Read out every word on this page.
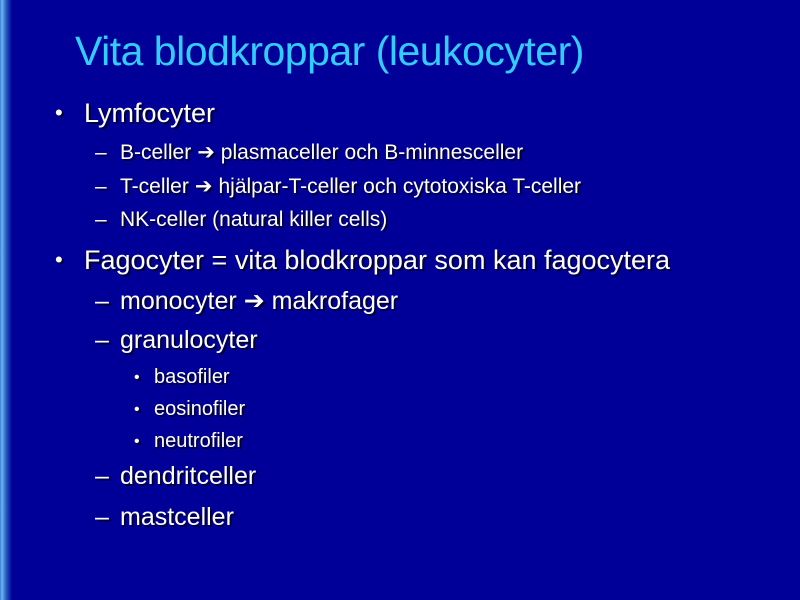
Vita blodkroppar (leukocyter)
• Lymfocyter
– B-celler ➔ plasmaceller och B-minnesceller
– T-celler ➔ hjälpar-T-celler och cytotoxiska T-celler
– NK-celler (natural killer cells)
• Fagocyter = vita blodkroppar som kan fagocytera
– monocyter ➔ makrofager
– granulocyter
• basofiler
• eosinofiler
• neutrofiler
– dendritceller
– mastceller
